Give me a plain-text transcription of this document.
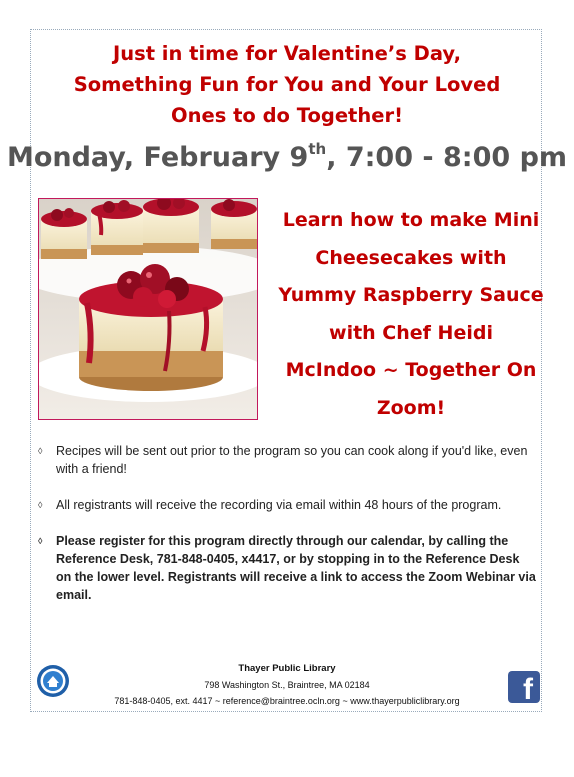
Just in time for Valentine’s Day,
Something Fun for You and Your Loved
Ones to do Together!
Monday, February 9th, 7:00 - 8:00 pm
Learn how to make Mini
Cheesecakes with
Yummy Raspberry Sauce
with Chef Heidi
McIndoo ~ Together On
Zoom!
◊ Recipes will be sent out prior to the program so you can cook along if you'd like, even with a friend!
◊ All registrants will receive the recording via email within 48 hours of the program.
◊ Please register for this program directly through our calendar, by calling the Reference Desk, 781-848-0405, x4417, or by stopping in to the Reference Desk on the lower level. Registrants will receive a link to access the Zoom Webinar via email.
Thayer Public Library
798 Washington St., Braintree, MA 02184
781-848-0405, ext. 4417 ~ reference@braintree.ocln.org ~ www.thayerpubliclibrary.org	f
